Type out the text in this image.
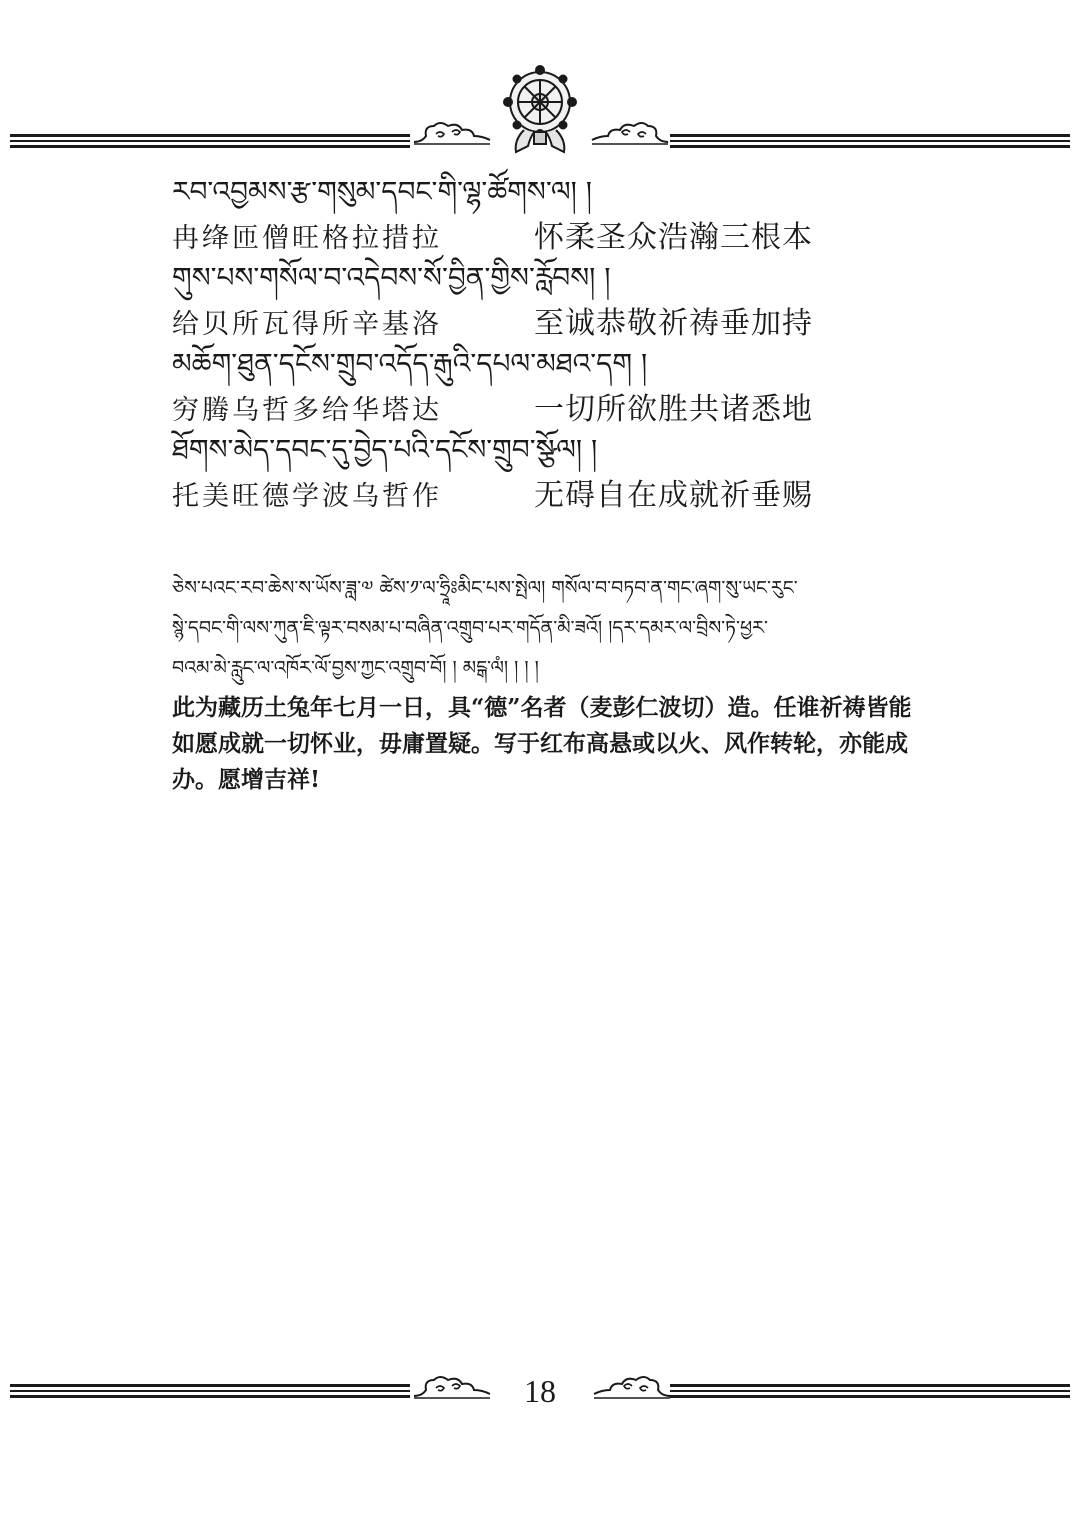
རབ་འབྱམས་རྩ་གསུམ་དབང་གི་ལྷ་ཚོགས་ལ། །
冉绛匝僧旺格拉措拉	怀柔圣众浩瀚三根本
གུས་པས་གསོལ་བ་འདེབས་སོ་བྱིན་གྱིས་རློབས། །
给贝所瓦得所辛基洛	至诚恭敬祈祷垂加持
མཆོག་ཐུན་དངོས་གྲུབ་འདོད་རྒུའི་དཔལ་མཐའ་དག །
穷腾乌哲多给华塔达	一切所欲胜共诸悉地
ཐོགས་མེད་དབང་དུ་བྱེད་པའི་དངོས་གྲུབ་སྩོལ། །
托美旺德学波乌哲作	无碍自在成就祈垂赐
ཅེས་པའང་རབ་ཆེས་ས་ཡོས་ཟླ་༧ ཚེས་༡་ལ་ཧྲཱིཿམིང་པས་སྤེལ། གསོལ་བ་བཏབ་ན་གང་ཞག་སུ་ཡང་རུང་
སྙེ་དབང་གི་ལས་ཀུན་ཇི་ལྟར་བསམ་པ་བཞིན་འགྲུབ་པར་གདོན་མི་ཟའོ། །དར་དམར་ལ་བྲིས་ཏེ་ཕྱར་
བའམ་མེ་རླུང་ལ་འཁོར་ལོ་བྱས་ཀྱང་འགྲུབ་བོ། ། མངྒ་ལཾ། ། ། །
此为藏历土兔年七月一日，具“德”名者（麦彭仁波切）造。任谁祈祷皆能如愿成就一切怀业，毋庸置疑。写于红布高悬或以火、风作转轮，亦能成办。愿增吉祥!
18
